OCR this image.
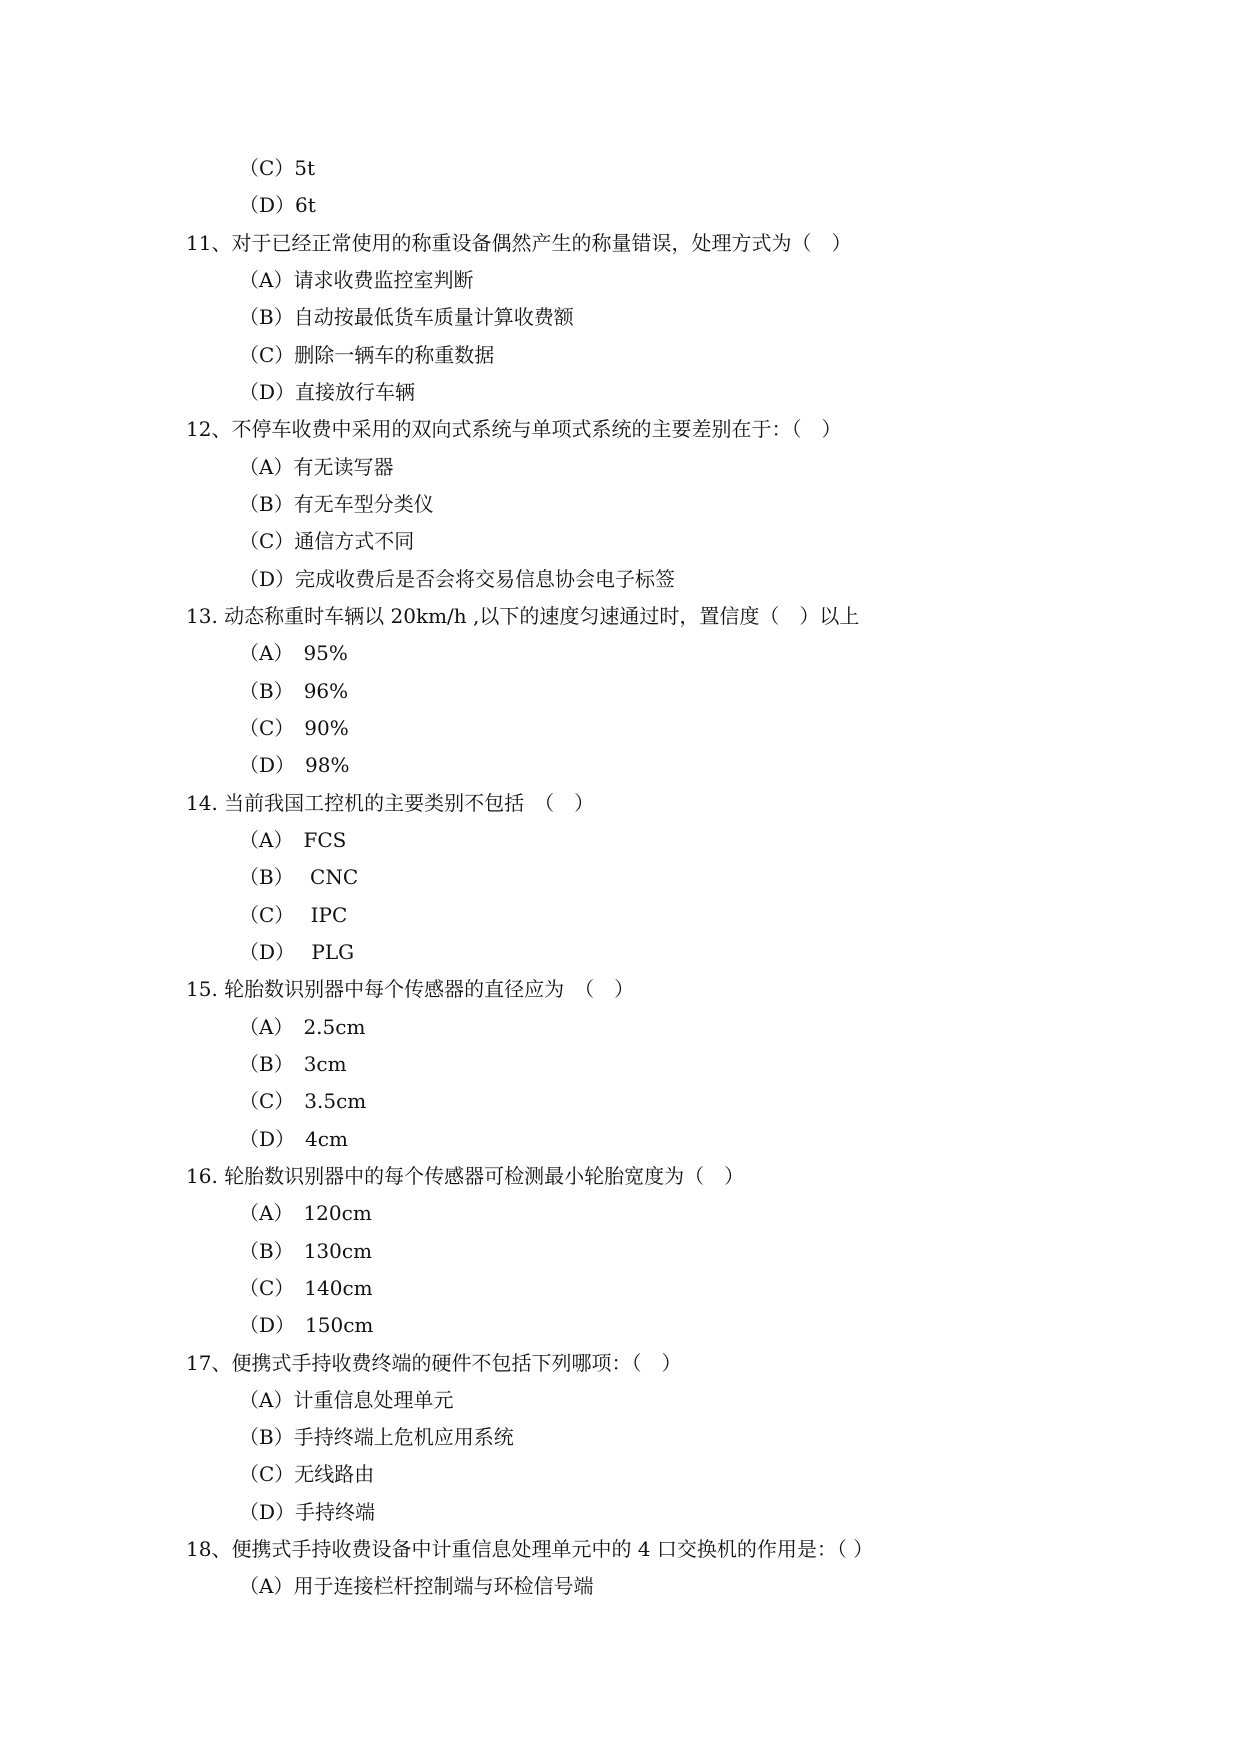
（C）5t
（D）6t
11、对于已经正常使用的称重设备偶然产生的称量错误，处理方式为（　）
（A）请求收费监控室判断
（B）自动按最低货车质量计算收费额
（C）删除一辆车的称重数据
（D）直接放行车辆
12、不停车收费中采用的双向式系统与单项式系统的主要差别在于：（　）
（A）有无读写器
（B）有无车型分类仪
（C）通信方式不同
（D）完成收费后是否会将交易信息协会电子标签
13. 动态称重时车辆以 20km/h ,以下的速度匀速通过时，置信度（　）以上
（A）　95%
（B）　96%
（C）　90%
（D）　98%
14. 当前我国工控机的主要类别不包括　（　）
（A）　FCS
（B）　 CNC
（C）　 IPC
（D）　 PLG
15. 轮胎数识别器中每个传感器的直径应为　（　）
（A）　2.5cm
（B）　3cm
（C）　3.5cm
（D）　4cm
16. 轮胎数识别器中的每个传感器可检测最小轮胎宽度为（　）
（A）　120cm
（B）　130cm
（C）　140cm
（D）　150cm
17、便携式手持收费终端的硬件不包括下列哪项：（　）
（A）计重信息处理单元
（B）手持终端上危机应用系统
（C）无线路由
（D）手持终端
18、便携式手持收费设备中计重信息处理单元中的 4 口交换机的作用是：（ ）
（A）用于连接栏杆控制端与环检信号端
